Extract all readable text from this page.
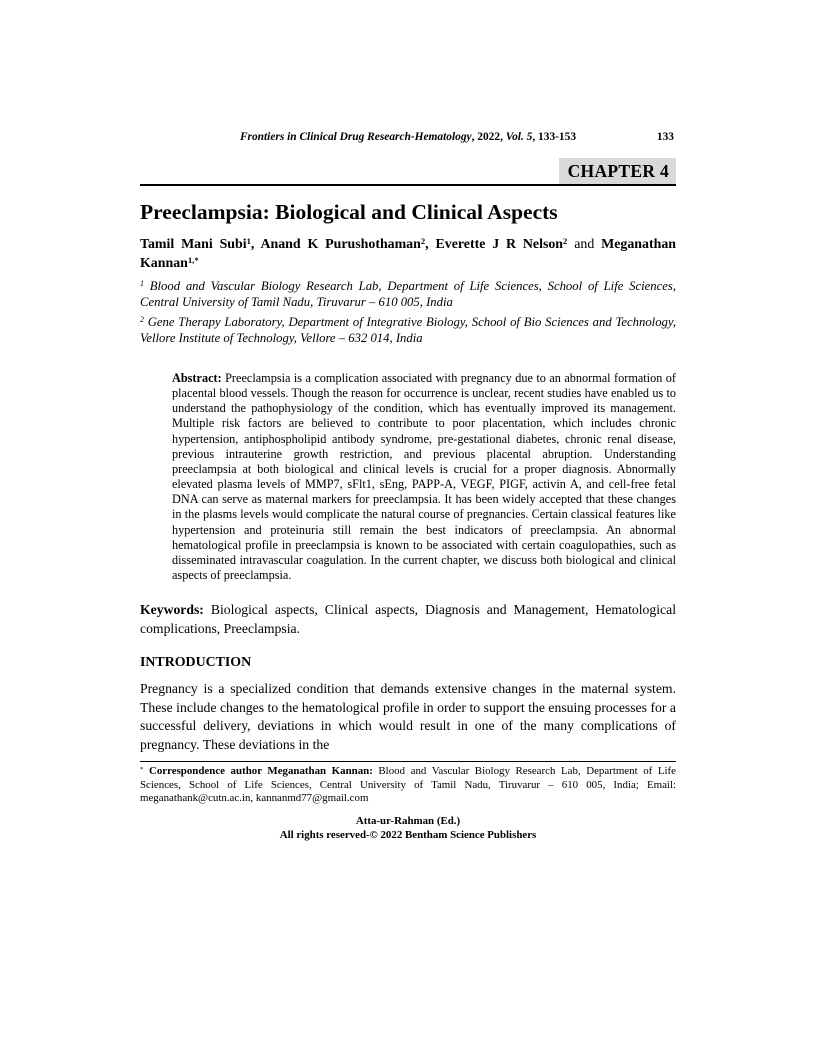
Frontiers in Clinical Drug Research-Hematology, 2022, Vol. 5, 133-153	133
CHAPTER 4
Preeclampsia: Biological and Clinical Aspects
Tamil Mani Subi$^1$, Anand K Purushothaman$^2$, Everette J R Nelson$^2$ and Meganathan Kannan$^{1,*}$
$^1$ Blood and Vascular Biology Research Lab, Department of Life Sciences, School of Life Sciences, Central University of Tamil Nadu, Tiruvarur – 610 005, India
$^2$ Gene Therapy Laboratory, Department of Integrative Biology, School of Bio Sciences and Technology, Vellore Institute of Technology, Vellore – 632 014, India
Abstract: Preeclampsia is a complication associated with pregnancy due to an abnormal formation of placental blood vessels. Though the reason for occurrence is unclear, recent studies have enabled us to understand the pathophysiology of the condition, which has eventually improved its management. Multiple risk factors are believed to contribute to poor placentation, which includes chronic hypertension, antiphospholipid antibody syndrome, pre-gestational diabetes, chronic renal disease, previous intrauterine growth restriction, and previous placental abruption. Understanding preeclampsia at both biological and clinical levels is crucial for a proper diagnosis. Abnormally elevated plasma levels of MMP7, sFlt1, sEng, PAPP-A, VEGF, PIGF, activin A, and cell-free fetal DNA can serve as maternal markers for preeclampsia. It has been widely accepted that these changes in the plasms levels would complicate the natural course of pregnancies. Certain classical features like hypertension and proteinuria still remain the best indicators of preeclampsia. An abnormal hematological profile in preeclampsia is known to be associated with certain coagulopathies, such as disseminated intravascular coagulation. In the current chapter, we discuss both biological and clinical aspects of preeclampsia.
Keywords: Biological aspects, Clinical aspects, Diagnosis and Management, Hematological complications, Preeclampsia.
INTRODUCTION

Pregnancy is a specialized condition that demands extensive changes in the maternal system. These include changes to the hematological profile in order to support the ensuing processes for a successful delivery, deviations in which would result in one of the many complications of pregnancy. These deviations in the

* Correspondence author Meganathan Kannan: Blood and Vascular Biology Research Lab, Department of Life Sciences, School of Life Sciences, Central University of Tamil Nadu, Tiruvarur – 610 005, India; Email: meganathank@cutn.ac.in, kannanmd77@gmail.com
Atta-ur-Rahman (Ed.)
All rights reserved-© 2022 Bentham Science Publishers
